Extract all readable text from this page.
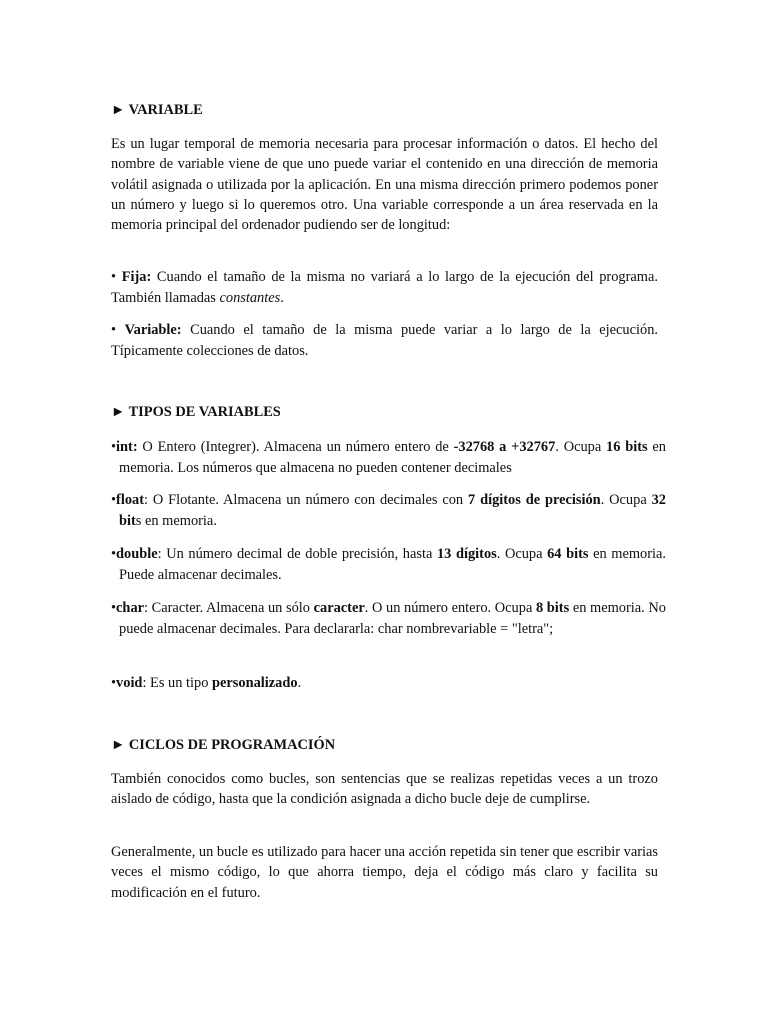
► VARIABLE

Es un lugar temporal de memoria necesaria para procesar información o datos. El hecho del nombre de variable viene de que uno puede variar el contenido en una dirección de memoria volátil asignada o utilizada por la aplicación. En una misma dirección primero podemos poner un número y luego si lo queremos otro. Una variable corresponde a un área reservada en la memoria principal del ordenador pudiendo ser de longitud:

• Fija: Cuando el tamaño de la misma no variará a lo largo de la ejecución del programa. También llamadas constantes.
• Variable: Cuando el tamaño de la misma puede variar a lo largo de la ejecución. Típicamente colecciones de datos.
► TIPOS DE VARIABLES
•int: O Entero (Integrer). Almacena un número entero de -32768 a +32767. Ocupa 16 bits en memoria. Los números que almacena no pueden contener decimales
•float: O Flotante. Almacena un número con decimales con 7 dígitos de precisión. Ocupa 32 bits en memoria.
•double: Un número decimal de doble precisión, hasta 13 dígitos. Ocupa 64 bits en memoria. Puede almacenar decimales.
•char: Caracter. Almacena un sólo caracter. O un número entero. Ocupa 8 bits en memoria. No puede almacenar decimales. Para declararla: char nombrevariable = "letra";
•void: Es un tipo personalizado.
► CICLOS DE PROGRAMACIÓN

También conocidos como bucles, son sentencias que se realizas repetidas veces a un trozo aislado de código, hasta que la condición asignada a dicho bucle deje de cumplirse.

Generalmente, un bucle es utilizado para hacer una acción repetida sin tener que escribir varias veces el mismo código, lo que ahorra tiempo, deja el código más claro y facilita su modificación en el futuro.
